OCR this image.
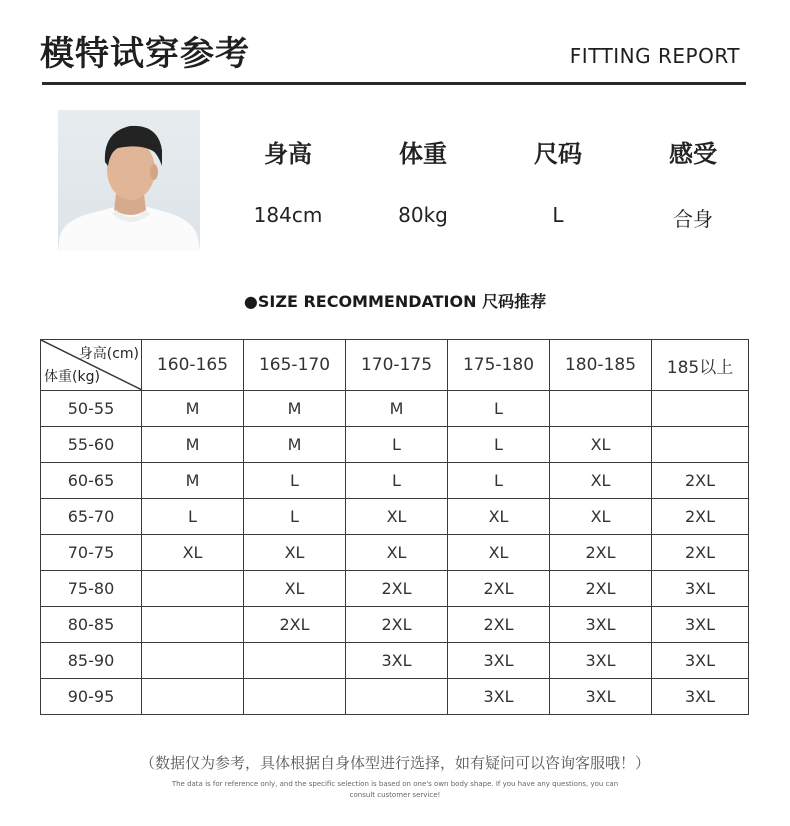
模特试穿参考	FITTING REPORT
身高	体重	尺码	感受
184cm	80kg	L	合身
●SIZE RECOMMENDATION 尺码推荐
身高(cm)
体重(kg)	160-165	165-170	170-175	175-180	180-185	185以上
50-55	M	M	M	L		
55-60	M	M	L	L	XL	
60-65	M	L	L	L	XL	2XL
65-70	L	L	XL	XL	XL	2XL
70-75	XL	XL	XL	XL	2XL	2XL
75-80		XL	2XL	2XL	2XL	3XL
80-85		2XL	2XL	2XL	3XL	3XL
85-90			3XL	3XL	3XL	3XL
90-95				3XL	3XL	3XL
（数据仅为参考，具体根据自身体型进行选择，如有疑问可以咨询客服哦！）
The data is for reference only, and the specific selection is based on one's own body shape. If you have any questions, you can consult customer service!
